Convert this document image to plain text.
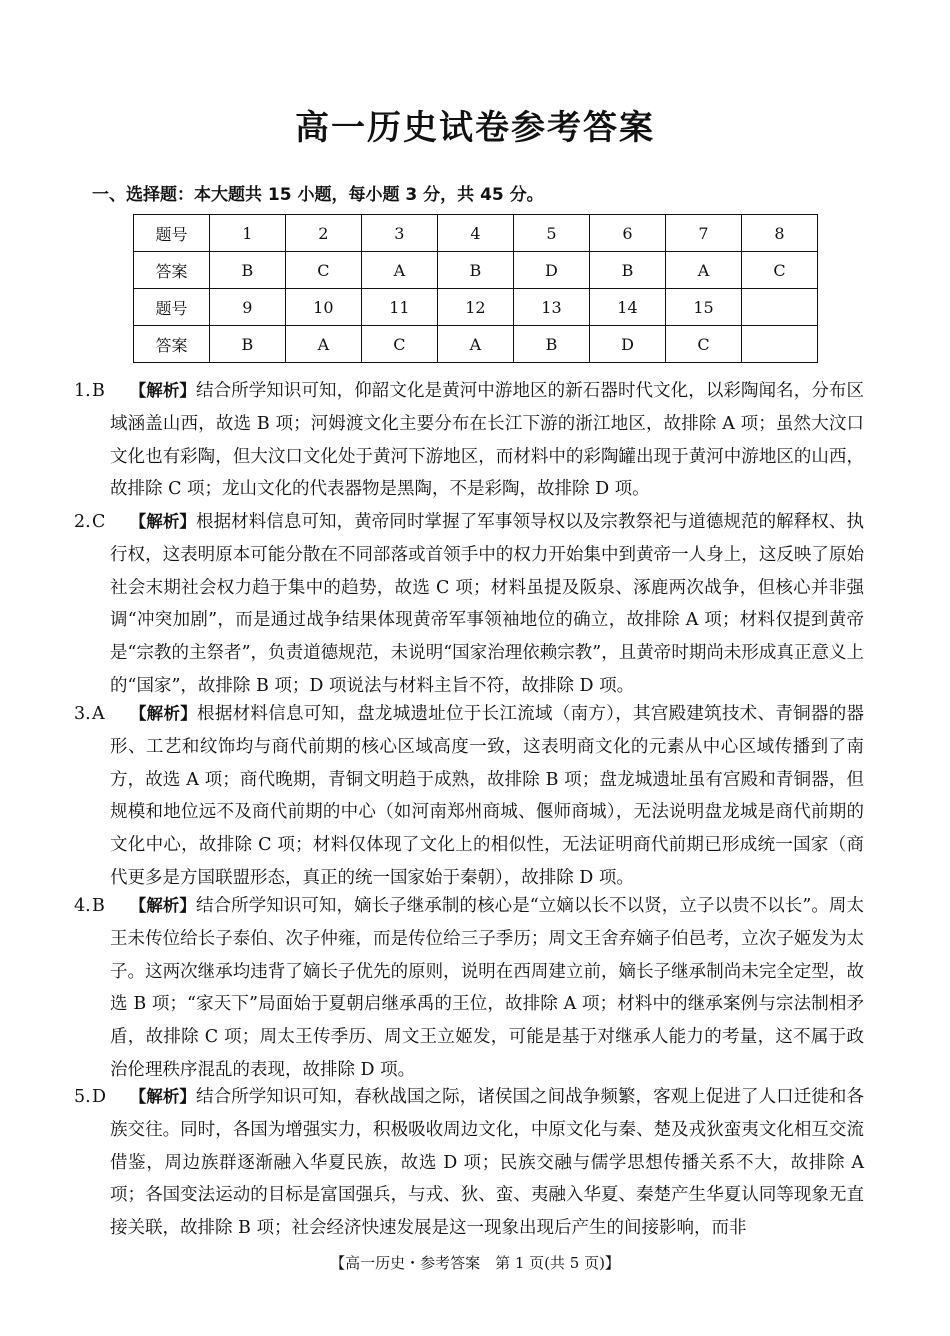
高一历史试卷参考答案
一、选择题：本大题共 15 小题，每小题 3 分，共 45 分。
题号	1	2	3	4	5	6	7	8
答案	B	C	A	B	D	B	A	C
题号	9	10	11	12	13	14	15	
答案	B	A	C	A	B	D	C	

1.B 【解析】结合所学知识可知，仰韶文化是黄河中游地区的新石器时代文化，以彩陶闻名，分布区域涵盖山西，故选 B 项；河姆渡文化主要分布在长江下游的浙江地区，故排除 A 项；虽然大汶口文化也有彩陶，但大汶口文化处于黄河下游地区，而材料中的彩陶罐出现于黄河中游地区的山西，故排除 C 项；龙山文化的代表器物是黑陶，不是彩陶，故排除 D 项。

2.C 【解析】根据材料信息可知，黄帝同时掌握了军事领导权以及宗教祭祀与道德规范的解释权、执行权，这表明原本可能分散在不同部落或首领手中的权力开始集中到黄帝一人身上，这反映了原始社会末期社会权力趋于集中的趋势，故选 C 项；材料虽提及阪泉、涿鹿两次战争，但核心并非强调“冲突加剧”，而是通过战争结果体现黄帝军事领袖地位的确立，故排除 A 项；材料仅提到黄帝是“宗教的主祭者”，负责道德规范，未说明“国家治理依赖宗教”，且黄帝时期尚未形成真正意义上的“国家”，故排除 B 项；D 项说法与材料主旨不符，故排除 D 项。

3.A 【解析】根据材料信息可知，盘龙城遗址位于长江流域（南方），其宫殿建筑技术、青铜器的器形、工艺和纹饰均与商代前期的核心区域高度一致，这表明商文化的元素从中心区域传播到了南方，故选 A 项；商代晚期，青铜文明趋于成熟，故排除 B 项；盘龙城遗址虽有宫殿和青铜器，但规模和地位远不及商代前期的中心（如河南郑州商城、偃师商城），无法说明盘龙城是商代前期的文化中心，故排除 C 项；材料仅体现了文化上的相似性，无法证明商代前期已形成统一国家（商代更多是方国联盟形态，真正的统一国家始于秦朝），故排除 D 项。

4.B 【解析】结合所学知识可知，嫡长子继承制的核心是“立嫡以长不以贤，立子以贵不以长”。周太王未传位给长子泰伯、次子仲雍，而是传位给三子季历；周文王舍弃嫡子伯邑考，立次子姬发为太子。这两次继承均违背了嫡长子优先的原则，说明在西周建立前，嫡长子继承制尚未完全定型，故选 B 项；“家天下”局面始于夏朝启继承禹的王位，故排除 A 项；材料中的继承案例与宗法制相矛盾，故排除 C 项；周太王传季历、周文王立姬发，可能是基于对继承人能力的考量，这不属于政治伦理秩序混乱的表现，故排除 D 项。

5.D 【解析】结合所学知识可知，春秋战国之际，诸侯国之间战争频繁，客观上促进了人口迁徙和各族交往。同时，各国为增强实力，积极吸收周边文化，中原文化与秦、楚及戎狄蛮夷文化相互交流借鉴，周边族群逐渐融入华夏民族，故选 D 项；民族交融与儒学思想传播关系不大，故排除 A 项；各国变法运动的目标是富国强兵，与戎、狄、蛮、夷融入华夏、秦楚产生华夏认同等现象无直接关联，故排除 B 项；社会经济快速发展是这一现象出现后产生的间接影响，而非

【高一历史・参考答案　第 1 页(共 5 页)】
